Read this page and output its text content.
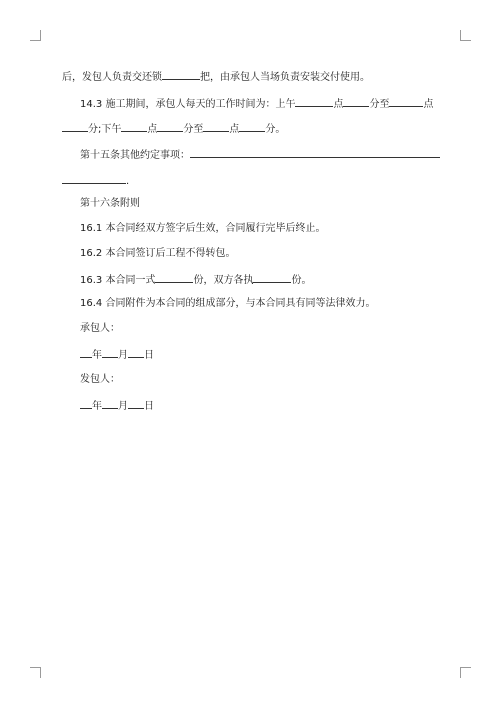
后，发包人负责交还锁	把，由承包人当场负责安装交付使用。
14.3 施工期间，承包人每天的工作时间为：上午	点	分至	点
分;下午	点	分至	点	分。
第十五条其他约定事项：
.
第十六条附则
16.1 本合同经双方签字后生效，合同履行完毕后终止。
16.2 本合同签订后工程不得转包。
16.3 本合同一式	份，双方各执	份。
16.4 合同附件为本合同的组成部分，与本合同具有同等法律效力。
承包人：
年 月 日
发包人：
年 月 日
